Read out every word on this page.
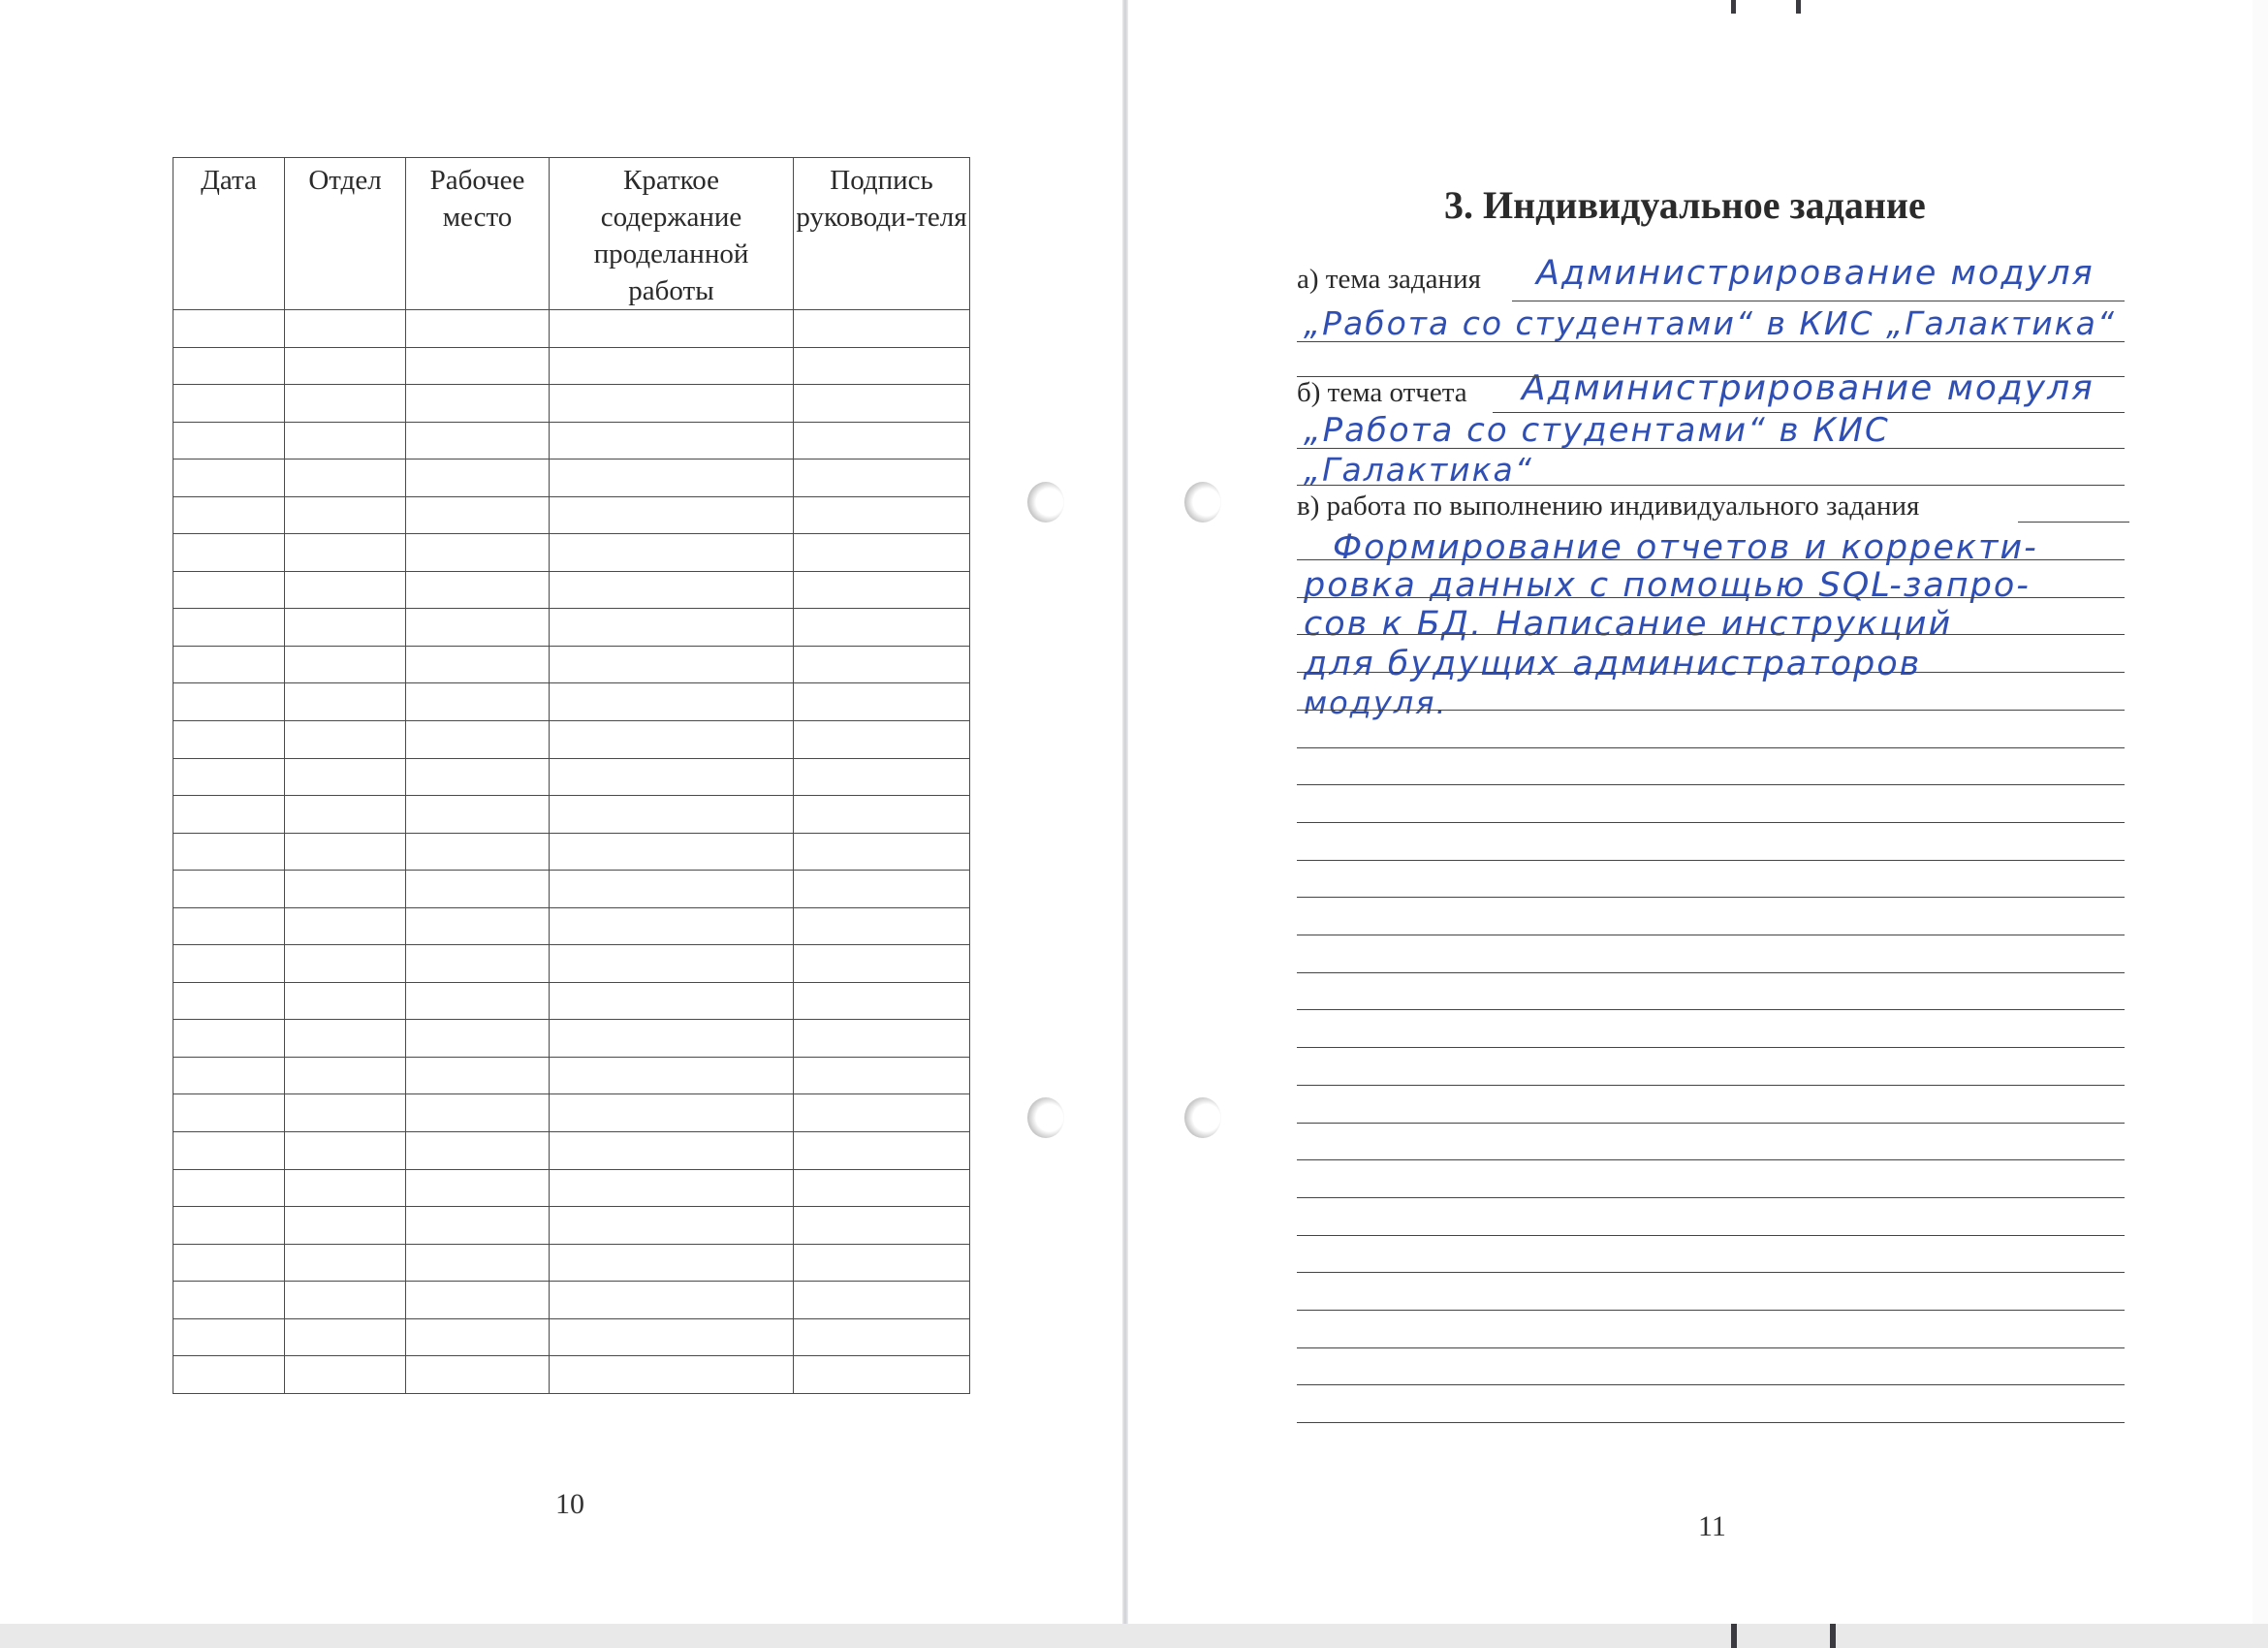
Дата	Отдел	Рабочее место	Краткое содержание проделанной работы	Подпись руководи-теля

10
3. Индивидуальное задание
а) тема задания Администрирование модуля
„Работа со студентами“ в КИС „Галактика“
б) тема отчета Администрирование модуля
„Работа со студентами“ в КИС
„Галактика“
в) работа по выполнению индивидуального задания
Формирование отчетов и корректи-
ровка данных с помощью SQL-запро-
сов к БД. Написание инструкций
для будущих администраторов
модуля.
11
